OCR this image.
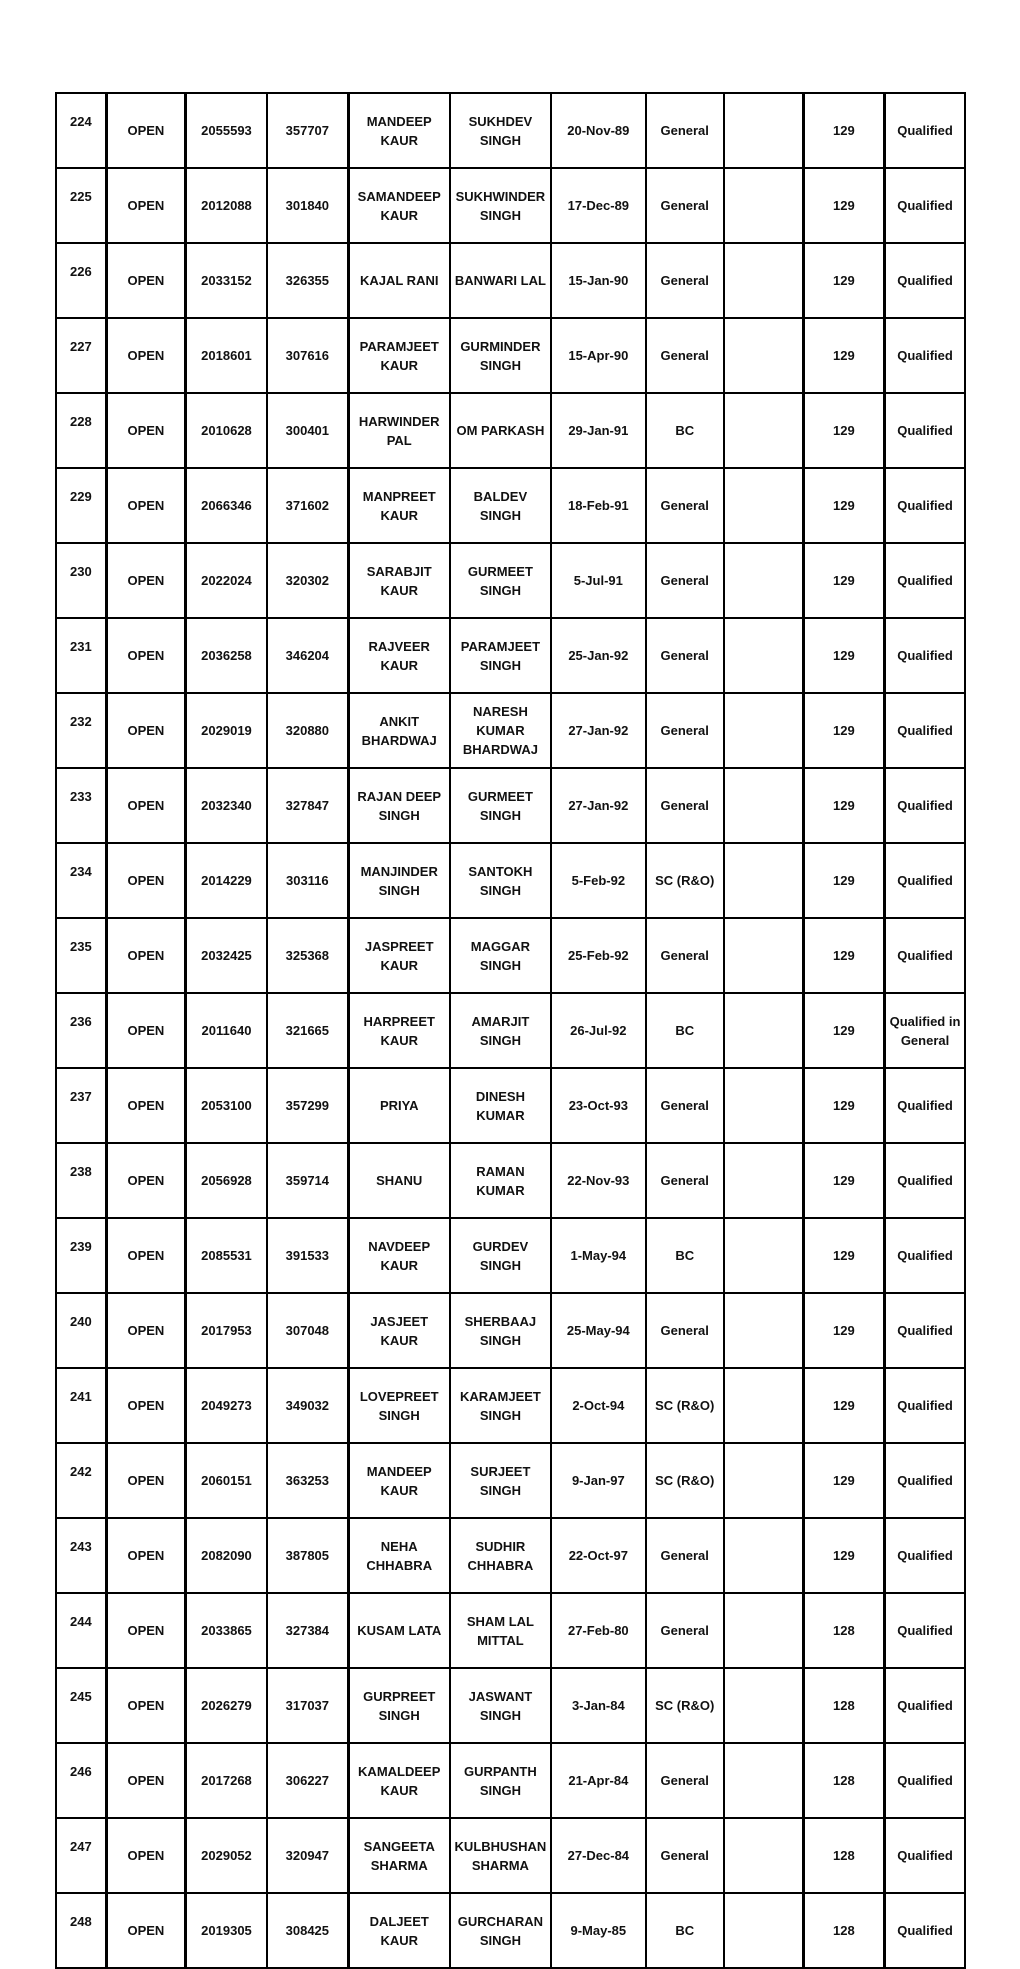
224	OPEN	2055593	357707	MANDEEP KAUR	SUKHDEV SINGH	20-Nov-89	General		129	Qualified
225	OPEN	2012088	301840	SAMANDEEP KAUR	SUKHWINDER SINGH	17-Dec-89	General		129	Qualified
226	OPEN	2033152	326355	KAJAL RANI	BANWARI LAL	15-Jan-90	General		129	Qualified
227	OPEN	2018601	307616	PARAMJEET KAUR	GURMINDER SINGH	15-Apr-90	General		129	Qualified
228	OPEN	2010628	300401	HARWINDER PAL	OM PARKASH	29-Jan-91	BC		129	Qualified
229	OPEN	2066346	371602	MANPREET KAUR	BALDEV SINGH	18-Feb-91	General		129	Qualified
230	OPEN	2022024	320302	SARABJIT KAUR	GURMEET SINGH	5-Jul-91	General		129	Qualified
231	OPEN	2036258	346204	RAJVEER KAUR	PARAMJEET SINGH	25-Jan-92	General		129	Qualified
232	OPEN	2029019	320880	ANKIT BHARDWAJ	NARESH KUMAR BHARDWAJ	27-Jan-92	General		129	Qualified
233	OPEN	2032340	327847	RAJAN DEEP SINGH	GURMEET SINGH	27-Jan-92	General		129	Qualified
234	OPEN	2014229	303116	MANJINDER SINGH	SANTOKH SINGH	5-Feb-92	SC (R&O)		129	Qualified
235	OPEN	2032425	325368	JASPREET KAUR	MAGGAR SINGH	25-Feb-92	General		129	Qualified
236	OPEN	2011640	321665	HARPREET KAUR	AMARJIT SINGH	26-Jul-92	BC		129	Qualified in General
237	OPEN	2053100	357299	PRIYA	DINESH KUMAR	23-Oct-93	General		129	Qualified
238	OPEN	2056928	359714	SHANU	RAMAN KUMAR	22-Nov-93	General		129	Qualified
239	OPEN	2085531	391533	NAVDEEP KAUR	GURDEV SINGH	1-May-94	BC		129	Qualified
240	OPEN	2017953	307048	JASJEET KAUR	SHERBAAJ SINGH	25-May-94	General		129	Qualified
241	OPEN	2049273	349032	LOVEPREET SINGH	KARAMJEET SINGH	2-Oct-94	SC (R&O)		129	Qualified
242	OPEN	2060151	363253	MANDEEP KAUR	SURJEET SINGH	9-Jan-97	SC (R&O)		129	Qualified
243	OPEN	2082090	387805	NEHA CHHABRA	SUDHIR CHHABRA	22-Oct-97	General		129	Qualified
244	OPEN	2033865	327384	KUSAM LATA	SHAM LAL MITTAL	27-Feb-80	General		128	Qualified
245	OPEN	2026279	317037	GURPREET SINGH	JASWANT SINGH	3-Jan-84	SC (R&O)		128	Qualified
246	OPEN	2017268	306227	KAMALDEEP KAUR	GURPANTH SINGH	21-Apr-84	General		128	Qualified
247	OPEN	2029052	320947	SANGEETA SHARMA	KULBHUSHAN SHARMA	27-Dec-84	General		128	Qualified
248	OPEN	2019305	308425	DALJEET KAUR	GURCHARAN SINGH	9-May-85	BC		128	Qualified
